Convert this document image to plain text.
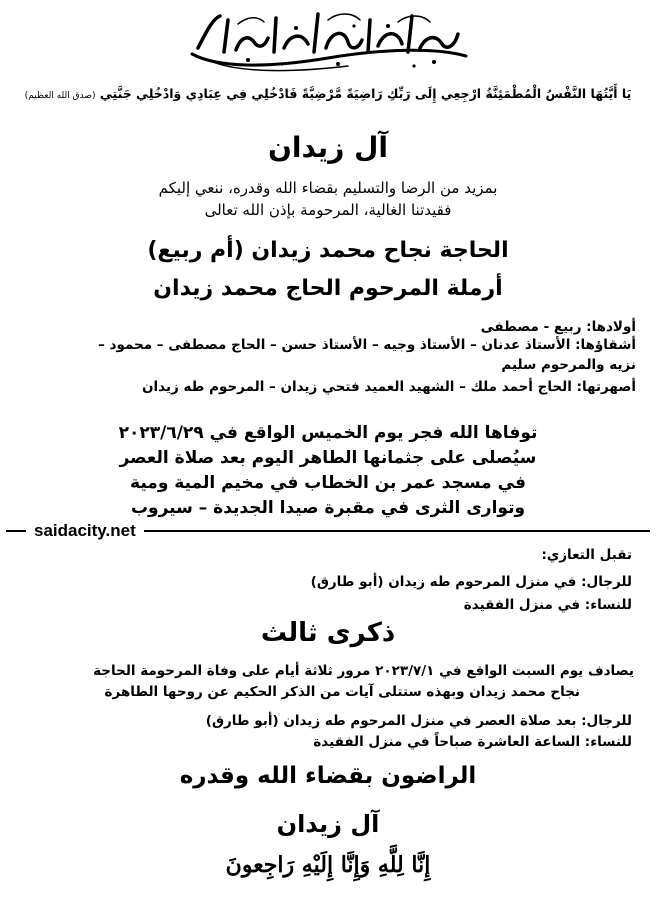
يَا أَيَّتُهَا النَّفْسُ الْمُطْمَئِنَّةُ ارْجِعِي إِلَى رَبِّكِ رَاضِيَةً مَّرْضِيَّةً فَادْخُلِي فِي عِبَادِي وَادْخُلِي جَنَّتِي (صدق الله العظيم)
آل زيدان
بمزيد من الرضا والتسليم بقضاء الله وقدره، ننعي إليكم
فقيدتنا الغالية، المرحومة بإذن الله تعالى
الحاجة نجاح محمد زيدان (أم ربيع)
أرملة المرحوم الحاج محمد زيدان
أولادها: ربيع - مصطفى
أشقاؤها: الأستاذ عدنان – الأستاذ وجيه – الأستاذ حسن – الحاج مصطفى – محمود –
نزيه والمرحوم سليم
أصهرتها: الحاج أحمد ملك – الشهيد العميد فتحي زيدان – المرحوم طه زيدان
توفاها الله فجر يوم الخميس الواقع في ٢٠٢٣/٦/٢٩
سيُصلى على جثمانها الطاهر اليوم بعد صلاة العصر
في مسجد عمر بن الخطاب في مخيم المية ومية
وتوارى الثرى في مقبرة صيدا الجديدة – سيروب
saidacity.net
تقبل التعازي:
للرجال: في منزل المرحوم طه زيدان (أبو طارق)
للنساء: في منزل الفقيدة
ذكرى ثالث
يصادف يوم السبت الواقع في ٢٠٢٣/٧/١ مرور ثلاثة أيام على وفاة المرحومة الحاجة
نجاح محمد زيدان وبهذه ستتلى آيات من الذكر الحكيم عن روحها الطاهرة
للرجال: بعد صلاة العصر في منزل المرحوم طه زيدان (أبو طارق)
للنساء: الساعة العاشرة صباحاً في منزل الفقيدة
الراضون بقضاء الله وقدره
آل زيدان
إِنَّا لِلَّهِ وَإِنَّا إِلَيْهِ رَاجِعونَ
